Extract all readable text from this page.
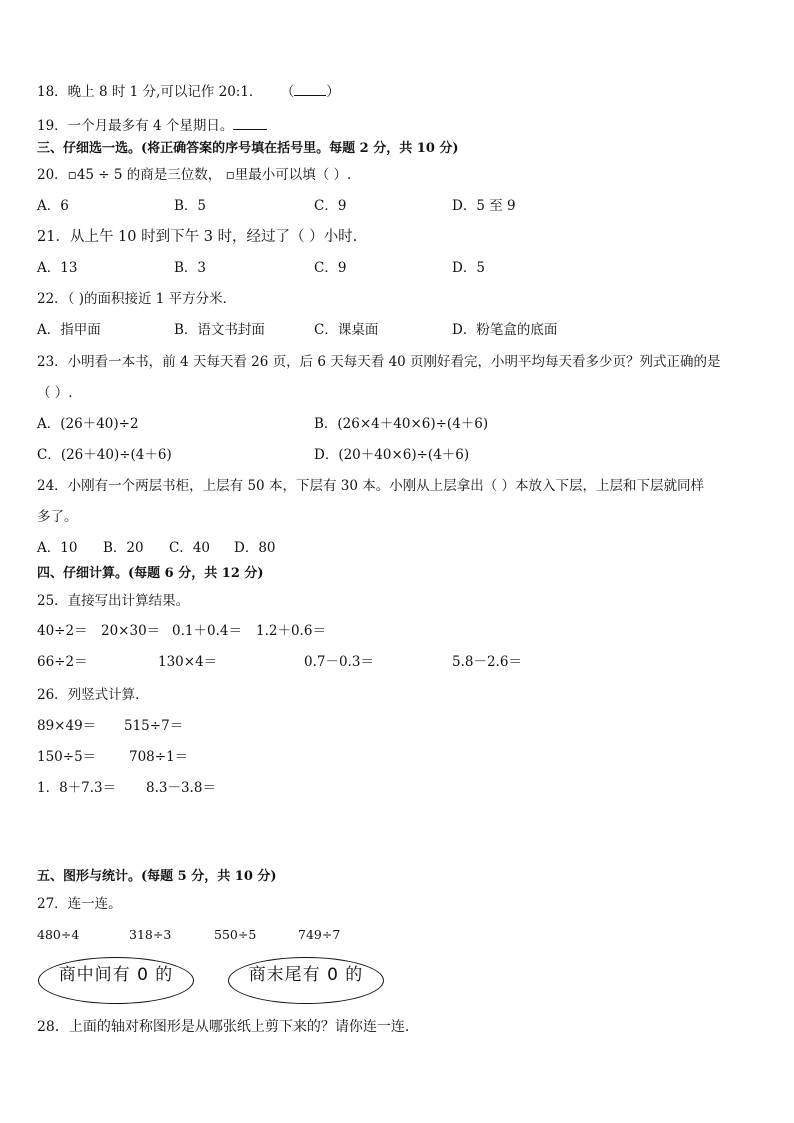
18．晚上 8 时 1 分,可以记作 20:1． （ ）
19．一个月最多有 4 个星期日。
三、仔细选一选。(将正确答案的序号填在括号里。每题 2 分，共 10 分)
20．▫45 ÷ 5 的商是三位数， ▫里最小可以填（ ）.
A．6	B．5	C．9	D．5 至 9
21．从上午 10 时到下午 3 时，经过了（ ）小时.
A．13	B．3	C．9	D．5
22．（ )的面积接近 1 平方分米．
A．指甲面	B．语文书封面	C．课桌面	D．粉笔盒的底面
23．小明看一本书，前 4 天每天看 26 页，后 6 天每天看 40 页刚好看完，小明平均每天看多少页？列式正确的是
（ ）.
A．(26＋40)÷2	B．(26×4＋40×6)÷(4＋6)
C．(26＋40)÷(4＋6)	D．(20＋40×6)÷(4＋6)
24．小刚有一个两层书柜，上层有 50 本，下层有 30 本。小刚从上层拿出（ ）本放入下层，上层和下层就同样
多了。
A．10 B．20 C．40 D．80
四、仔细计算。(每题 6 分，共 12 分)
25．直接写出计算结果。
40÷2＝ 20×30＝ 0.1＋0.4＝ 1.2＋0.6＝
66÷2＝	130×4＝	0.7－0.3＝	5.8－2.6＝
26．列竖式计算．
89×49＝ 515÷7＝
150÷5＝ 708÷1＝
1．8＋7.3＝ 8.3－3.8＝
五、图形与统计。(每题 5 分，共 10 分)
27．连一连。
480÷4	318÷3	550÷5	749÷7
商中间有 0 的	商末尾有 0 的
28．上面的轴对称图形是从哪张纸上剪下来的？请你连一连.
